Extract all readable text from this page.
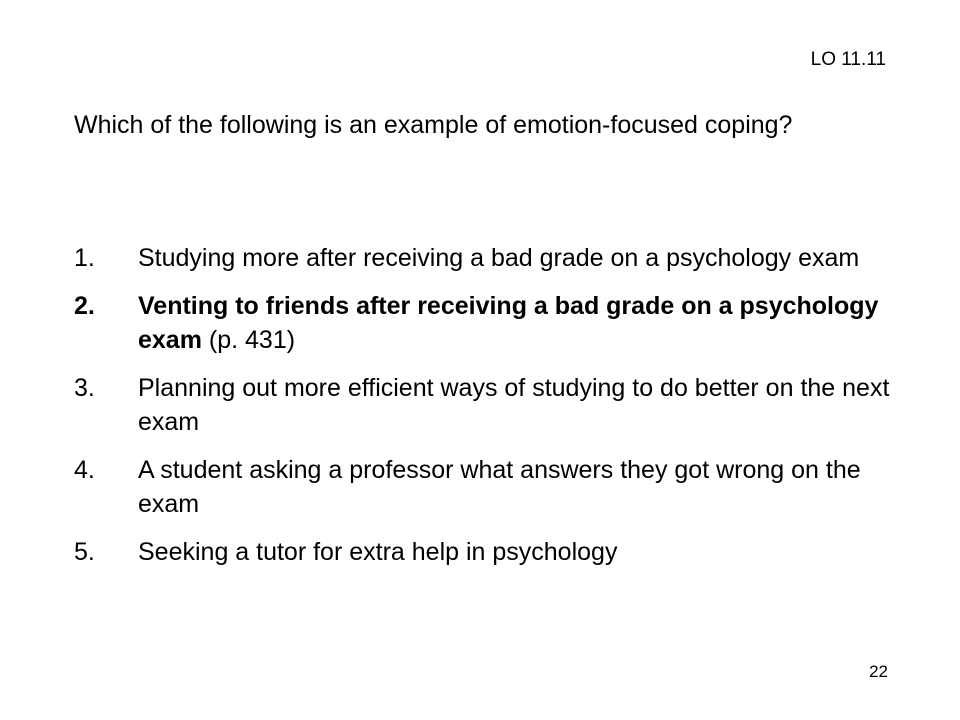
LO 11.11
Which of the following is an example of emotion-focused coping?
1. Studying more after receiving a bad grade on a psychology exam
2. Venting to friends after receiving a bad grade on a psychology exam (p. 431)
3. Planning out more efficient ways of studying to do better on the next exam
4. A student asking a professor what answers they got wrong on the exam
5. Seeking a tutor for extra help in psychology
22
